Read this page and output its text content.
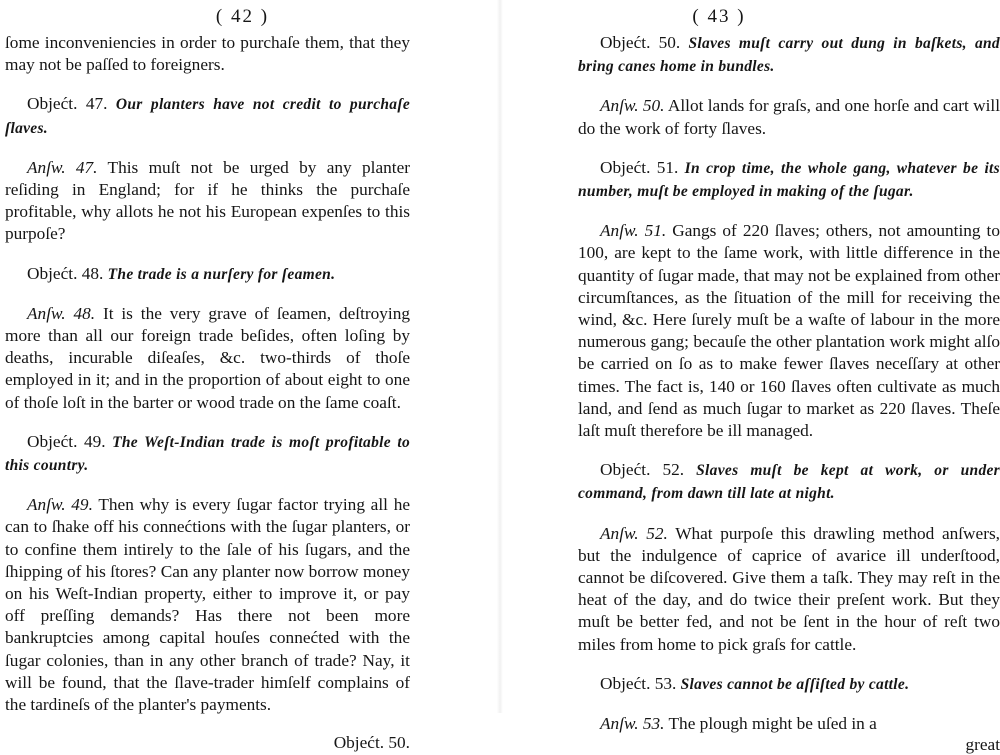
( 42 )

ſome inconveniencies in order to purchaſe them, that they may not be paſſed to foreigners.

Objećt. 47. Our planters have not credit to purchaſe ſlaves.

Anſw. 47. This muſt not be urged by any planter reſiding in England; for if he thinks the purchaſe profitable, why allots he not his European expenſes to this purpoſe?

Objećt. 48. The trade is a nurſery for ſeamen.

Anſw. 48. It is the very grave of ſeamen, deſtroying more than all our foreign trade beſides, often loſing by deaths, incurable diſeaſes, &c. two-thirds of thoſe employed in it; and in the proportion of about eight to one of thoſe loſt in the barter or wood trade on the ſame coaſt.

Objećt. 49. The Weſt-Indian trade is moſt profitable to this country.

Anſw. 49. Then why is every ſugar factor trying all he can to ſhake off his connećtions with the ſugar planters, or to confine them intirely to the ſale of his ſugars, and the ſhipping of his ſtores? Can any planter now borrow money on his Weſt-Indian property, either to improve it, or pay off preſſing demands? Has there not been more bankruptcies among capital houſes connećted with the ſugar colonies, than in any other branch of trade? Nay, it will be found, that the ſlave-trader himſelf complains of the tardineſs of the planter's payments.

Objećt. 50.
( 43 )

Objećt. 50. Slaves muſt carry out dung in baſkets, and bring canes home in bundles.

Anſw. 50. Allot lands for graſs, and one horſe and cart will do the work of forty ſlaves.

Objećt. 51. In crop time, the whole gang, whatever be its number, muſt be employed in making of the ſugar.

Anſw. 51. Gangs of 220 ſlaves; others, not amounting to 100, are kept to the ſame work, with little difference in the quantity of ſugar made, that may not be explained from other circumſtances, as the ſituation of the mill for receiving the wind, &c. Here ſurely muſt be a waſte of labour in the more numerous gang; becauſe the other plantation work might alſo be carried on ſo as to make fewer ſlaves neceſſary at other times. The fact is, 140 or 160 ſlaves often cultivate as much land, and ſend as much ſugar to market as 220 ſlaves. Theſe laſt muſt therefore be ill managed.

Objećt. 52. Slaves muſt be kept at work, or under command, from dawn till late at night.

Anſw. 52. What purpoſe this drawling method anſwers, but the indulgence of caprice of avarice ill underſtood, cannot be diſcovered. Give them a taſk. They may reſt in the heat of the day, and do twice their preſent work. But they muſt be better fed, and not be ſent in the hour of reſt two miles from home to pick graſs for cattle.

Objećt. 53. Slaves cannot be aſſiſted by cattle.

Anſw. 53. The plough might be uſed in a

great
